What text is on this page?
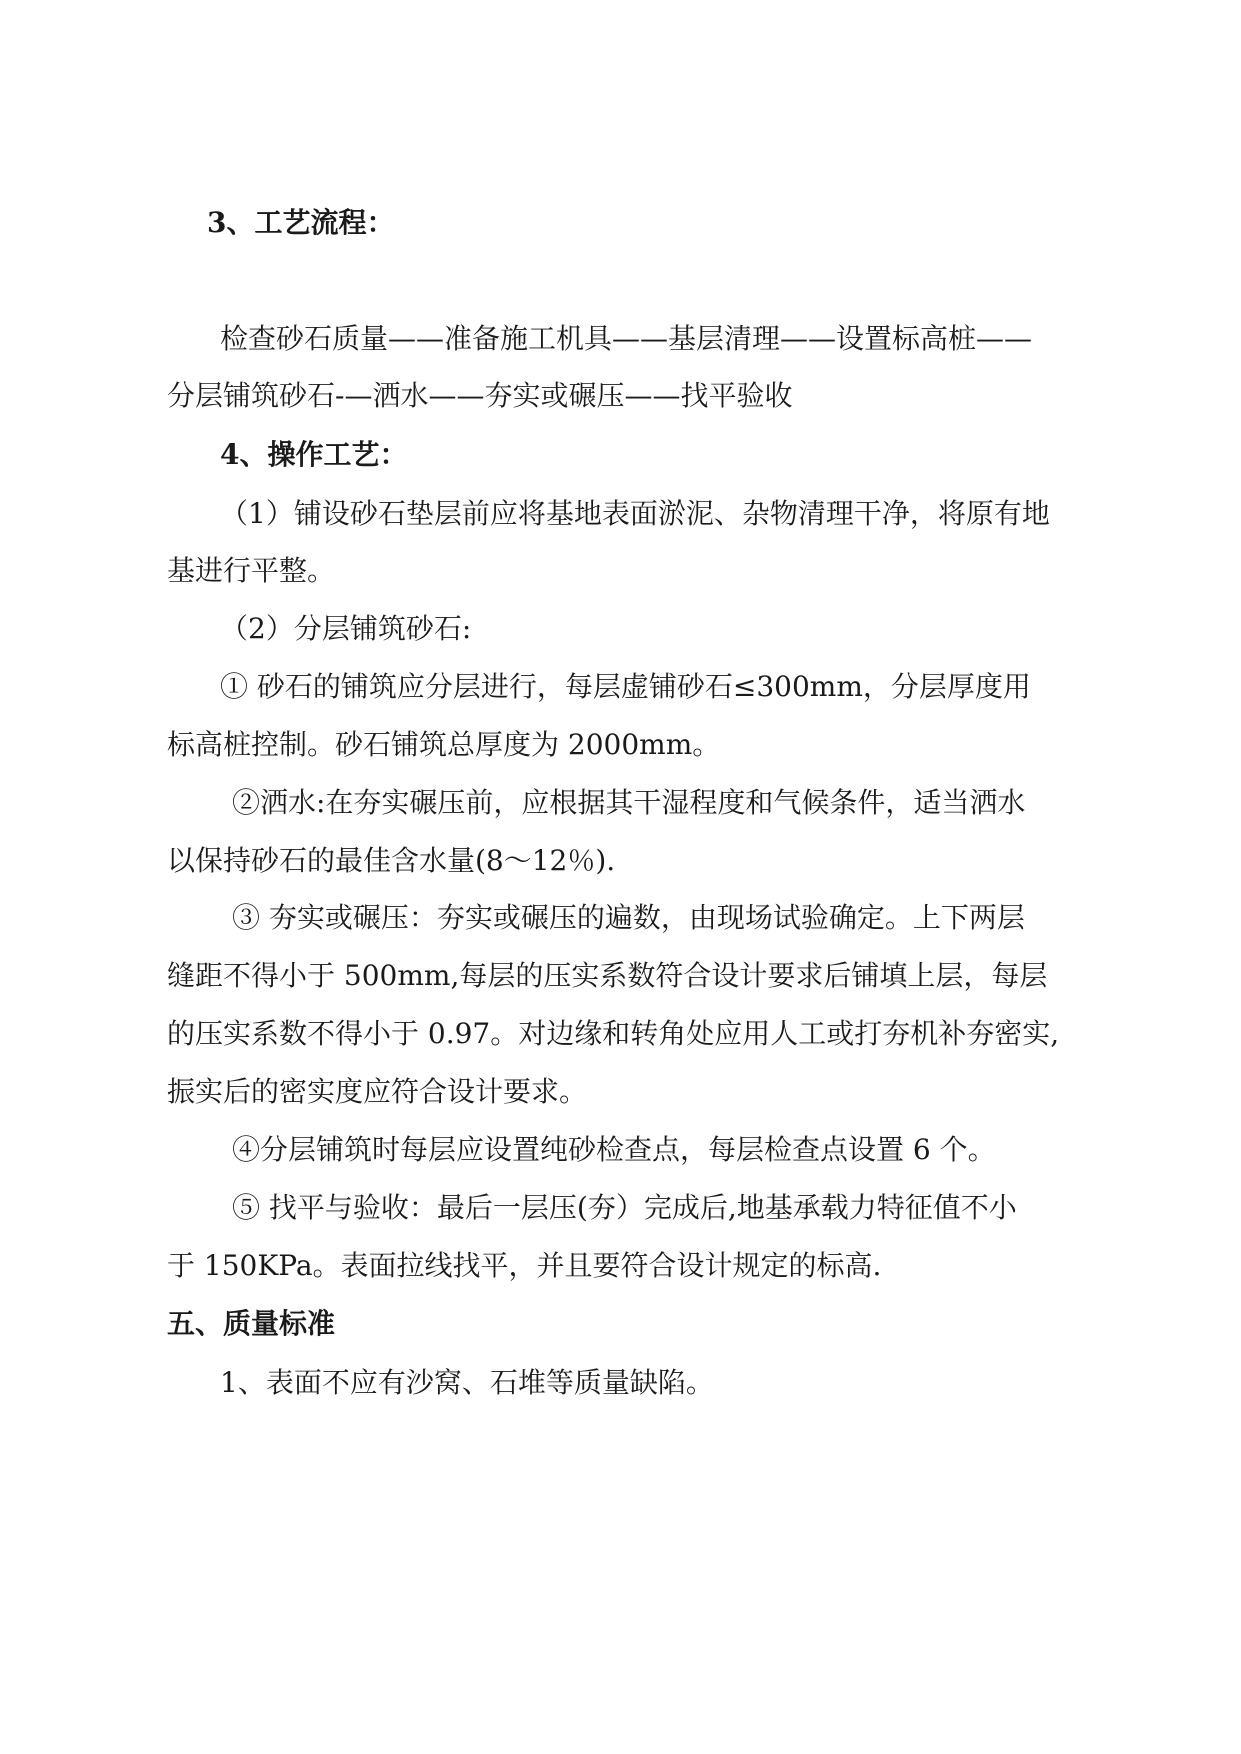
3、工艺流程：

检查砂石质量——准备施工机具——基层清理——设置标高桩——

分层铺筑砂石-—洒水——夯实或碾压——找平验收

4、操作工艺：

（1）铺设砂石垫层前应将基地表面淤泥、杂物清理干净，将原有地

基进行平整。

（2）分层铺筑砂石:

① 砂石的铺筑应分层进行，每层虚铺砂石≤300mm，分层厚度用

标高桩控制。砂石铺筑总厚度为 2000mm。

②洒水:在夯实碾压前，应根据其干湿程度和气候条件，适当洒水

以保持砂石的最佳含水量(8～12％).

③ 夯实或碾压：夯实或碾压的遍数，由现场试验确定。上下两层

缝距不得小于 500mm,每层的压实系数符合设计要求后铺填上层，每层

的压实系数不得小于 0.97。对边缘和转角处应用人工或打夯机补夯密实,

振实后的密实度应符合设计要求。

④分层铺筑时每层应设置纯砂检查点，每层检查点设置 6 个。

⑤ 找平与验收：最后一层压(夯）完成后,地基承载力特征值不小

于 150KPa。表面拉线找平，并且要符合设计规定的标高.

五、质量标准

1、表面不应有沙窝、石堆等质量缺陷。
